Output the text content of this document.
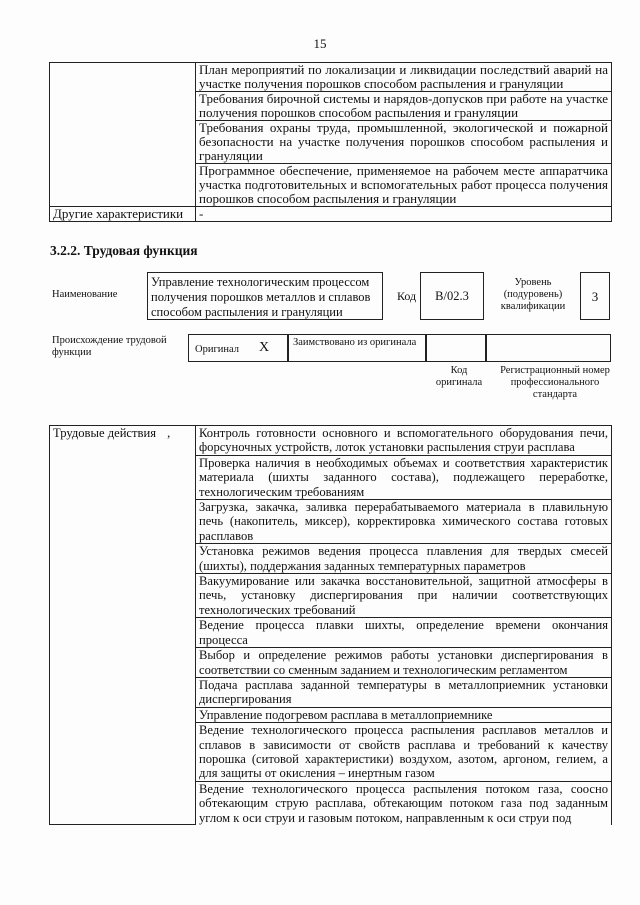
15
	План мероприятий по локализации и ликвидации последствий аварий на участке получения порошков способом распыления и грануляции
	Требования бирочной системы и нарядов-допусков при работе на участке получения порошков способом распыления и грануляции
	Требования охраны труда, промышленной, экологической и пожарной безопасности на участке получения порошков способом распыления и грануляции
	Программное обеспечение, применяемое на рабочем месте аппаратчика участка подготовительных и вспомогательных работ процесса получения порошков способом распыления и грануляции
Другие характеристики	-
3.2.2. Трудовая функция
Наименование
Управление технологическим процессом получения порошков металлов и сплавов способом распыления и грануляции
Код	В/02.3
Уровень (подуровень) квалификации
3
Происхождение трудовой функции	Оригинал X Заимствовано из оригинала
Код оригинала
Регистрационный номер профессионального стандарта
Трудовые действия ,	Контроль готовности основного и вспомогательного оборудования печи, форсуночных устройств, лоток установки распыления струи расплава
Проверка наличия в необходимых объемах и соответствия характеристик материала (шихты заданного состава), подлежащего переработке, технологическим требованиям
Загрузка, закачка, заливка перерабатываемого материала в плавильную печь (накопитель, миксер), корректировка химического состава готовых расплавов
Установка режимов ведения процесса плавления для твердых смесей (шихты), поддержания заданных температурных параметров
Вакуумирование или закачка восстановительной, защитной атмосферы в печь, установку диспергирования при наличии соответствующих технологических требований
Ведение процесса плавки шихты, определение времени окончания процесса
Выбор и определение режимов работы установки диспергирования в соответствии со сменным заданием и технологическим регламентом
Подача расплава заданной температуры в металлоприемник установки диспергирования
Управление подогревом расплава в металлоприемнике
Ведение технологического процесса распыления расплавов металлов и сплавов в зависимости от свойств расплава и требований к качеству порошка (ситовой характеристики) воздухом, азотом, аргоном, гелием, а для защиты от окисления – инертным газом
Ведение технологического процесса распыления потоком газа, соосно обтекающим струю расплава, обтекающим потоком газа под заданным углом к оси струи и газовым потоком, направленным к оси струи под
